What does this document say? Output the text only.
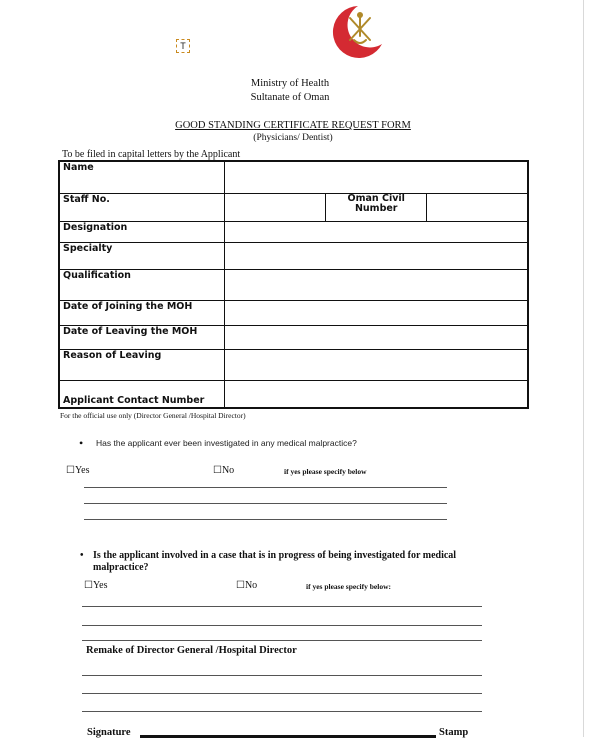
T
Ministry of Health
Sultanate of Oman
GOOD STANDING CERTIFICATE REQUEST FORM
(Physicians/ Dentist)
To be filed in capital letters by the Applicant
Name			
Staff No.		Oman Civil Number	
Designation			
Specialty			
Qualification			
Date of Joining the MOH			
Date of Leaving the MOH			
Reason of Leaving			
Applicant Contact Number			
For the official use only (Director General /Hospital Director)
• Has the applicant ever been investigated in any medical malpractice?
☐Yes	☐No	if yes please specify below
• Is the applicant involved in a case that is in progress of being investigated for medical malpractice?
☐Yes	☐No	if yes please specify below:
Remake of Director General /Hospital Director
Signature	Stamp
